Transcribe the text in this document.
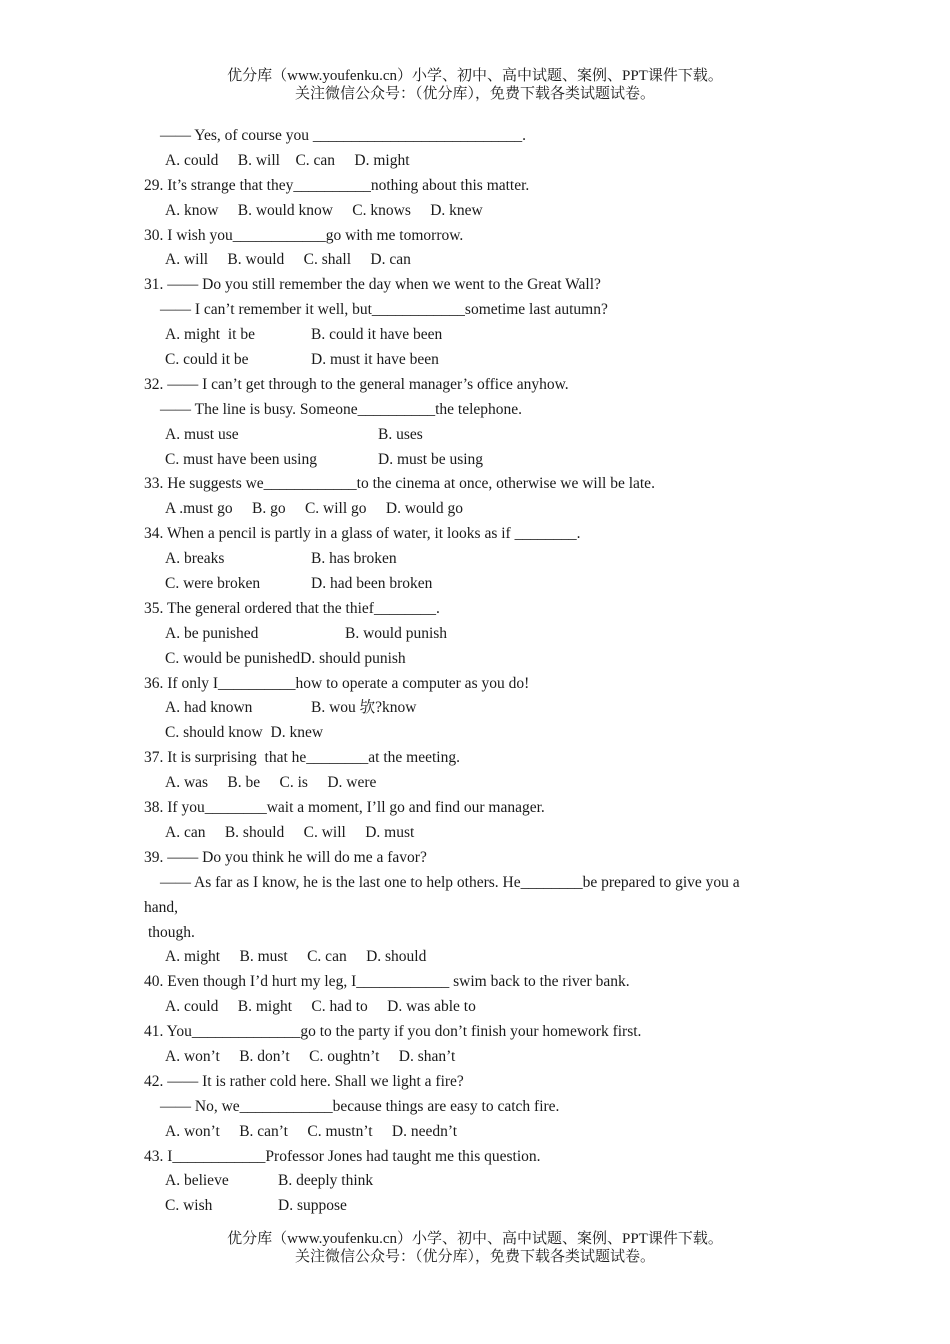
优分库（www.youfenku.cn）小学、初中、高中试题、案例、PPT课件下载。
关注微信公众号：（优分库），免费下载各类试题试卷。
—— Yes, of course you ___________________________.
A. could     B. will    C. can     D. might
29. It’s strange that they__________nothing about this matter.
A. know     B. would know     C. knows     D. knew
30. I wish you____________go with me tomorrow.
A. will     B. would     C. shall     D. can
31. —— Do you still remember the day when we went to the Great Wall?
—— I can’t remember it well, but____________sometime last autumn?
A. might  it be	B. could it have been
C. could it be	D. must it have been
32. —— I can’t get through to the general manager’s office anyhow.
—— The line is busy. Someone__________the telephone.
A. must use	B. uses
C. must have been using	D. must be using
33. He suggests we____________to the cinema at once, otherwise we will be late.
A .must go     B. go     C. will go     D. would go
34. When a pencil is partly in a glass of water, it looks as if ________.
A. breaks	B. has broken
C. were broken	D. had been broken
35. The general ordered that the thief________.
A. be punished	B. would punish
C. would be punishedD. should punish
36. If only I__________how to operate a computer as you do!
A. had known	B. wou 欤?know
C. should know  D. knew
37. It is surprising  that he________at the meeting.
A. was     B. be     C. is     D. were
38. If you________wait a moment, I’ll go and find our manager.
A. can     B. should     C. will     D. must
39. —— Do you think he will do me a favor?
—— As far as I know, he is the last one to help others. He________be prepared to give you a
hand,
though.
A. might     B. must     C. can     D. should
40. Even though I’d hurt my leg, I____________ swim back to the river bank.
A. could     B. might     C. had to     D. was able to
41. You______________go to the party if you don’t finish your homework first.
A. won’t     B. don’t     C. oughtn’t     D. shan’t
42. —— It is rather cold here. Shall we light a fire?
—— No, we____________because things are easy to catch fire.
A. won’t     B. can’t     C. mustn’t     D. needn’t
43. I____________Professor Jones had taught me this question.
A. believe	B. deeply think
C. wish	D. suppose
优分库（www.youfenku.cn）小学、初中、高中试题、案例、PPT课件下载。
关注微信公众号：（优分库），免费下载各类试题试卷。
